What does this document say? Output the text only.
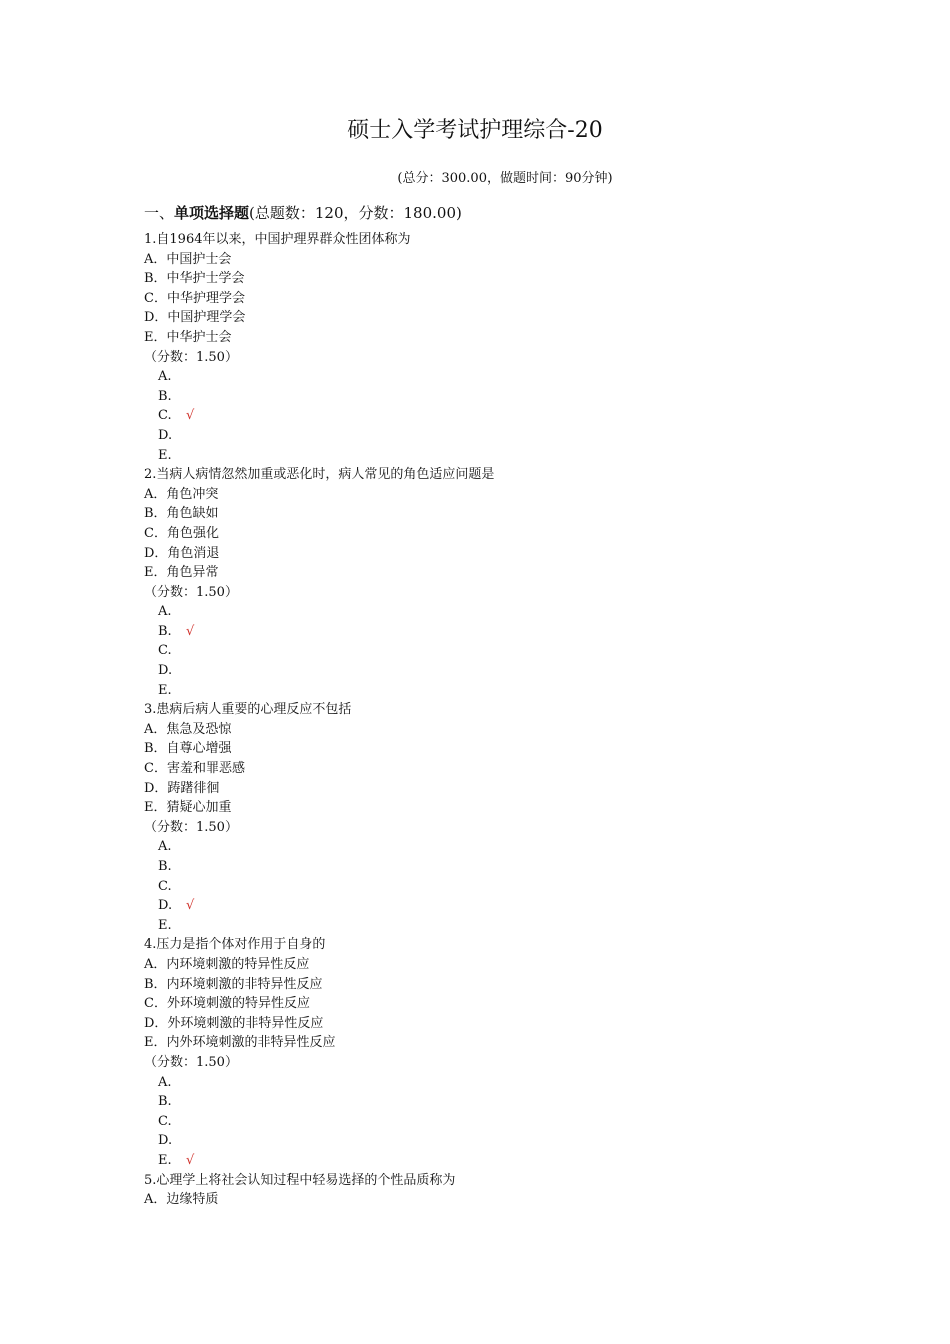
硕士入学考试护理综合-20
(总分：300.00，做题时间：90分钟)
一、单项选择题(总题数：120，分数：180.00)
1.自1964年以来，中国护理界群众性团体称为
A．中国护士会
B．中华护士学会
C．中华护理学会
D．中国护理学会
E．中华护士会
（分数：1.50）
A.
B.
C. √
D.
E.
2.当病人病情忽然加重或恶化时，病人常见的角色适应问题是
A．角色冲突
B．角色缺如
C．角色强化
D．角色消退
E．角色异常
（分数：1.50）
A.
B. √
C.
D.
E.
3.患病后病人重要的心理反应不包括
A．焦急及恐惊
B．自尊心增强
C．害羞和罪恶感
D．踌躇徘徊
E．猜疑心加重
（分数：1.50）
A.
B.
C.
D. √
E.
4.压力是指个体对作用于自身的
A．内环境刺激的特异性反应
B．内环境刺激的非特异性反应
C．外环境刺激的特异性反应
D．外环境刺激的非特异性反应
E．内外环境刺激的非特异性反应
（分数：1.50）
A.
B.
C.
D.
E. √
5.心理学上将社会认知过程中轻易选择的个性品质称为
A．边缘特质
